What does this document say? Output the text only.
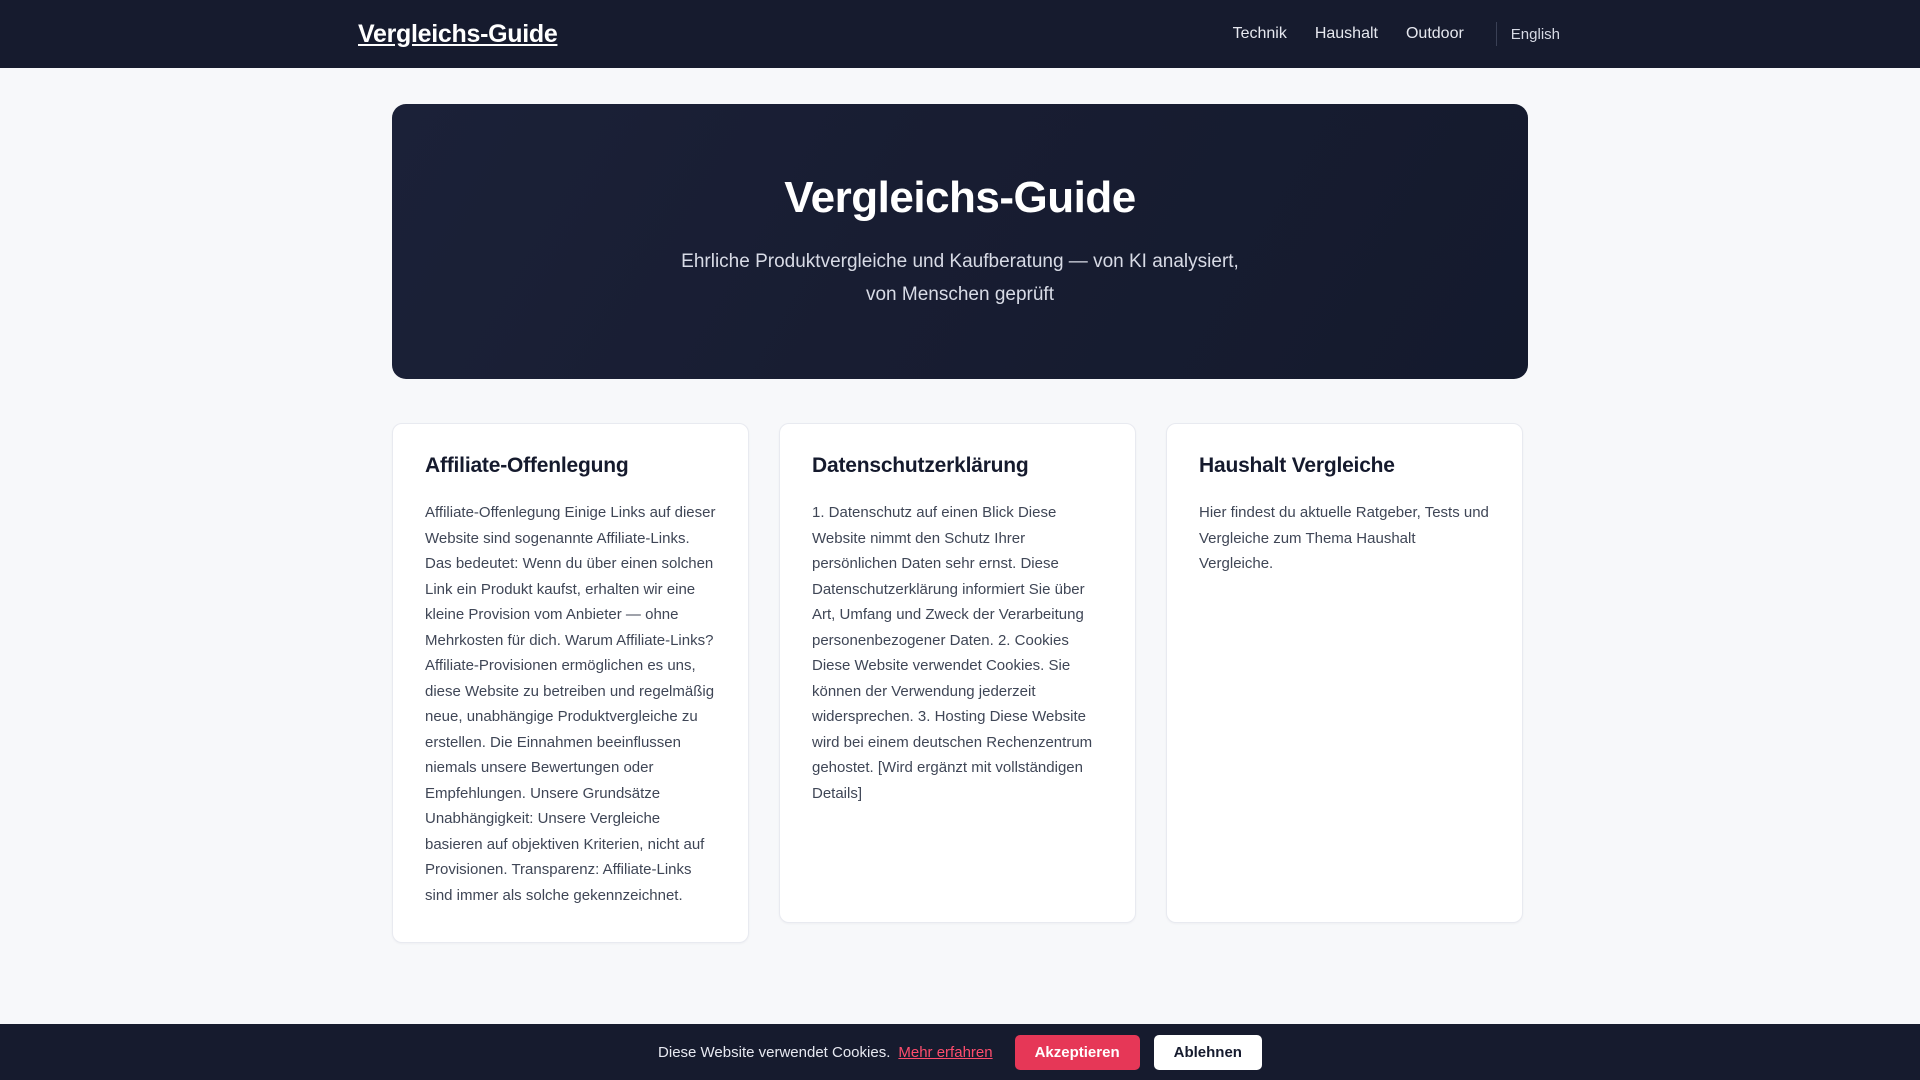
Vergleichs-Guide	Technik	Haushalt	Outdoor	English
Vergleichs-Guide

Ehrliche Produktvergleiche und Kaufberatung — von KI analysiert, von Menschen geprüft

Affiliate-Offenlegung

Affiliate-Offenlegung Einige Links auf dieser Website sind sogenannte Affiliate-Links. Das bedeutet: Wenn du über einen solchen Link ein Produkt kaufst, erhalten wir eine kleine Provision vom Anbieter — ohne Mehrkosten für dich. Warum Affiliate-Links? Affiliate-Provisionen ermöglichen es uns, diese Website zu betreiben und regelmäßig neue, unabhängige Produktvergleiche zu erstellen. Die Einnahmen beeinflussen niemals unsere Bewertungen oder Empfehlungen. Unsere Grundsätze Unabhängigkeit: Unsere Vergleiche basieren auf objektiven Kriterien, nicht auf Provisionen. Transparenz: Affiliate-Links sind immer als solche gekennzeichnet.

Datenschutzerklärung

1. Datenschutz auf einen Blick Diese Website nimmt den Schutz Ihrer persönlichen Daten sehr ernst. Diese Datenschutzerklärung informiert Sie über Art, Umfang und Zweck der Verarbeitung personenbezogener Daten. 2. Cookies Diese Website verwendet Cookies. Sie können der Verwendung jederzeit widersprechen. 3. Hosting Diese Website wird bei einem deutschen Rechenzentrum gehostet. [Wird ergänzt mit vollständigen Details]

Haushalt Vergleiche

Hier findest du aktuelle Ratgeber, Tests und Vergleiche zum Thema Haushalt Vergleiche.

Diese Website verwendet Cookies. Mehr erfahren	Akzeptieren	Ablehnen
